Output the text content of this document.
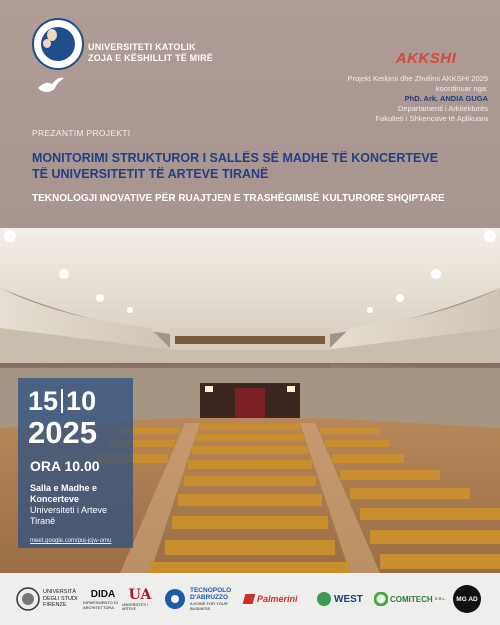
UNIVERSITETI KATOLIK
ZOJA E KËSHILLIT TË MIRË	AKKSHI
Projekt Kerkimi dhe Zhvilimi AKKSHI 2025
koordinuar nga:
PhD. Ark. ANDIA GUGA
Departamenti i Arkitekturës
Fakulteti i Shkencave të Aplikuara
PREZANTIM PROJEKTI
MONITORIMI STRUKTUROR I SALLËS SË MADHE TË KONCERTEVE TË UNIVERSITETIT TË ARTEVE TIRANË
TEKNOLOGJI INOVATIVE PËR RUAJTJEN E TRASHËGIMISË KULTURORE SHQIPTARE
15 10
2025
ORA 10.00
Salla e Madhe e Koncerteve
Universiteti i Arteve Tiranë
meet.google.com/puj-jcjw-omu
UNIVERSITÀ DEGLI STUDI FIRENZE
DIDA
DIPARTIMENTO DI ARCHITETTURA
UA
UNIVERSITETI I ARTEVE
TECNOPOLO D'ABRUZZO
A HOME FOR YOUR BUSINESS
Palmerini	WEST	COMITECH S.R.L.	MG AD
